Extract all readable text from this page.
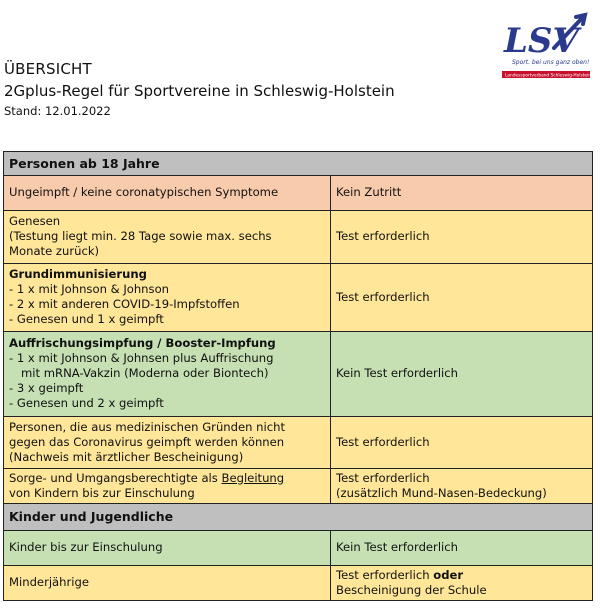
LSV
Sport. bei uns ganz oben!
Landessportverband Schleswig-Holstein
ÜBERSICHT
2Gplus-Regel für Sportvereine in Schleswig-Holstein
Stand: 12.01.2022
Personen ab 18 Jahre	
Ungeimpft / keine coronatypischen Symptome	Kein Zutritt

Genesen
(Testung liegt min. 28 Tage sowie max. sechs
Monate zurück)	Test erforderlich

Grundimmunisierung
- 1 x mit Johnson & Johnson
- 2 x mit anderen COVID-19-Impfstoffen
- Genesen und 1 x geimpft	Test erforderlich

Auffrischungsimpfung / Booster-Impfung
- 1 x mit Johnson & Johnsen plus Auffrischung
mit mRNA-Vakzin (Moderna oder Biontech)
- 3 x geimpft
- Genesen und 2 x geimpft	Kein Test erforderlich

Personen, die aus medizinischen Gründen nicht
gegen das Coronavirus geimpft werden können
(Nachweis mit ärztlicher Bescheinigung)	Test erforderlich

Sorge- und Umgangsberechtigte als Begleitung
von Kindern bis zur Einschulung	Test erforderlich
(zusätzlich Mund-Nasen-Bedeckung)

Kinder und Jugendliche	
Kinder bis zur Einschulung	Kein Test erforderlich
Minderjährige	Test erforderlich oder
Bescheinigung der Schule
